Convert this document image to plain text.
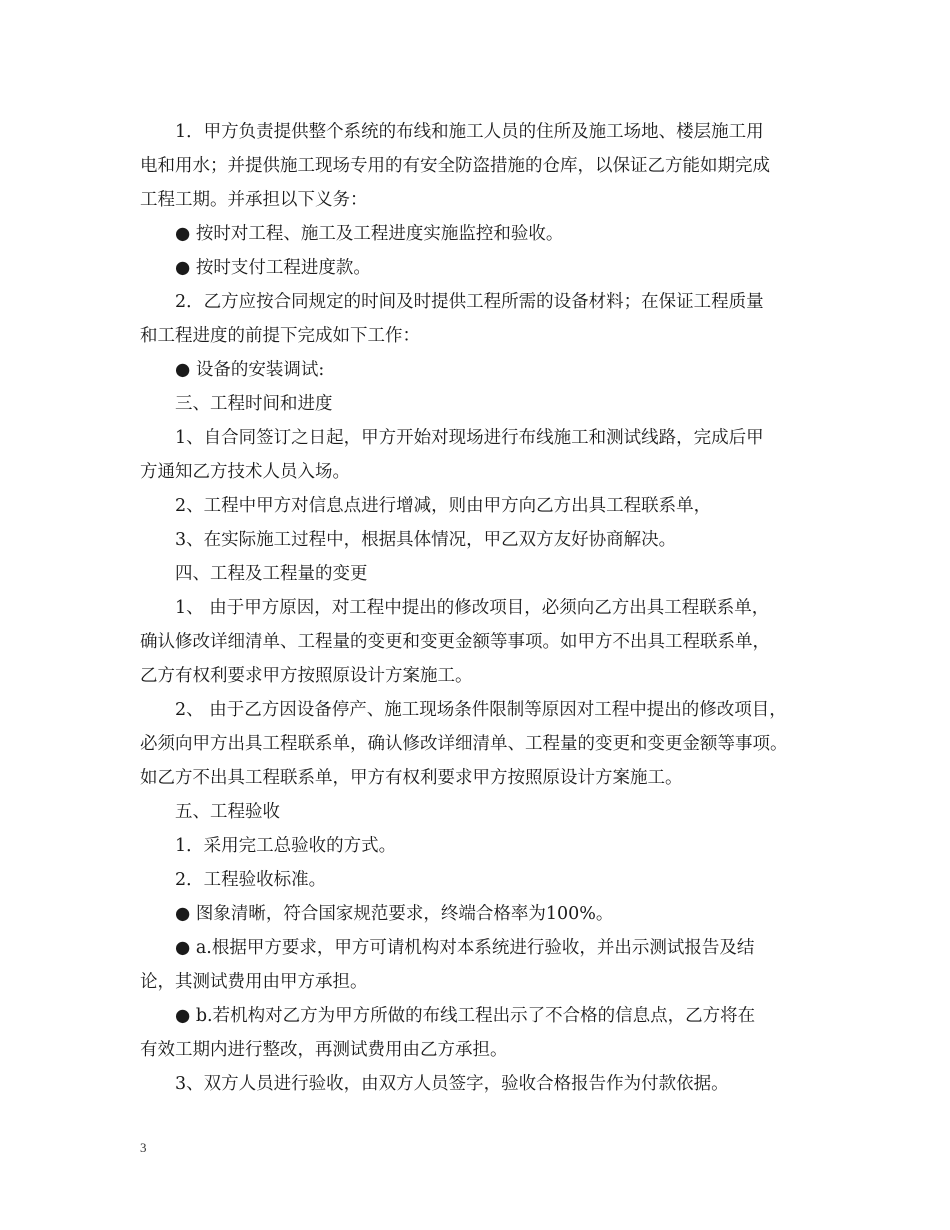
1．甲方负责提供整个系统的布线和施工人员的住所及施工场地、楼层施工用
电和用水；并提供施工现场专用的有安全防盗措施的仓库，以保证乙方能如期完成
工程工期。并承担以下义务：
● 按时对工程、施工及工程进度实施监控和验收。
● 按时支付工程进度款。
2．乙方应按合同规定的时间及时提供工程所需的设备材料；在保证工程质量
和工程进度的前提下完成如下工作：
● 设备的安装调试:
三、工程时间和进度
1、自合同签订之日起，甲方开始对现场进行布线施工和测试线路，完成后甲
方通知乙方技术人员入场。
2、工程中甲方对信息点进行增减，则由甲方向乙方出具工程联系单，
3、在实际施工过程中，根据具体情况，甲乙双方友好协商解决。
四、工程及工程量的变更
1、 由于甲方原因，对工程中提出的修改项目，必须向乙方出具工程联系单，
确认修改详细清单、工程量的变更和变更金额等事项。如甲方不出具工程联系单，
乙方有权利要求甲方按照原设计方案施工。
2、 由于乙方因设备停产、施工现场条件限制等原因对工程中提出的修改项目，
必须向甲方出具工程联系单，确认修改详细清单、工程量的变更和变更金额等事项。
如乙方不出具工程联系单，甲方有权利要求甲方按照原设计方案施工。
五、工程验收
1．采用完工总验收的方式。
2．工程验收标准。
● 图象清晰，符合国家规范要求，终端合格率为100%。
● a.根据甲方要求，甲方可请机构对本系统进行验收，并出示测试报告及结
论，其测试费用由甲方承担。
● b.若机构对乙方为甲方所做的布线工程出示了不合格的信息点，乙方将在
有效工期内进行整改，再测试费用由乙方承担。
3、双方人员进行验收，由双方人员签字，验收合格报告作为付款依据。
3
